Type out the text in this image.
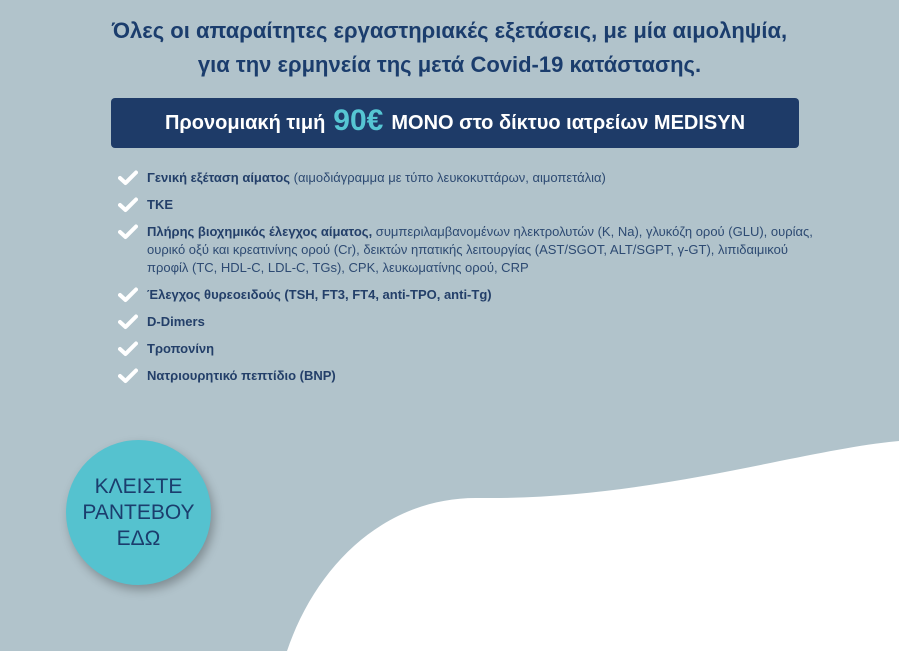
Όλες οι απαραίτητες εργαστηριακές εξετάσεις, με μία αιμοληψία,
για την ερμηνεία της μετά Covid-19 κατάστασης.
Προνομιακή τιμή 90€ ΜΟΝΟ στο δίκτυο ιατρείων MEDISYN
Γενική εξέταση αίματος (αιμοδιάγραμμα με τύπο λευκοκυττάρων, αιμοπετάλια)
ΤΚΕ
Πλήρης βιοχημικός έλεγχος αίματος, συμπεριλαμβανομένων ηλεκτρολυτών (K, Na), γλυκόζη ορού (GLU), ουρίας, ουρικό οξύ και κρεατινίνης ορού (Cr), δεικτών ηπατικής λειτουργίας (AST/SGOT, ALT/SGPT, γ-GT), λιπιδαιμικού προφίλ (TC, HDL-C, LDL-C, TGs), CPK, λευκωματίνης ορού, CRP
Έλεγχος θυρεοειδούς (TSH, FT3, FT4, anti-TPO, anti-Tg)
D-Dimers
Τροπονίνη
Νατριουρητικό πεπτίδιο (BNP)
ΚΛΕΙΣΤΕ
ΡΑΝΤΕΒΟΥ
ΕΔΩ
